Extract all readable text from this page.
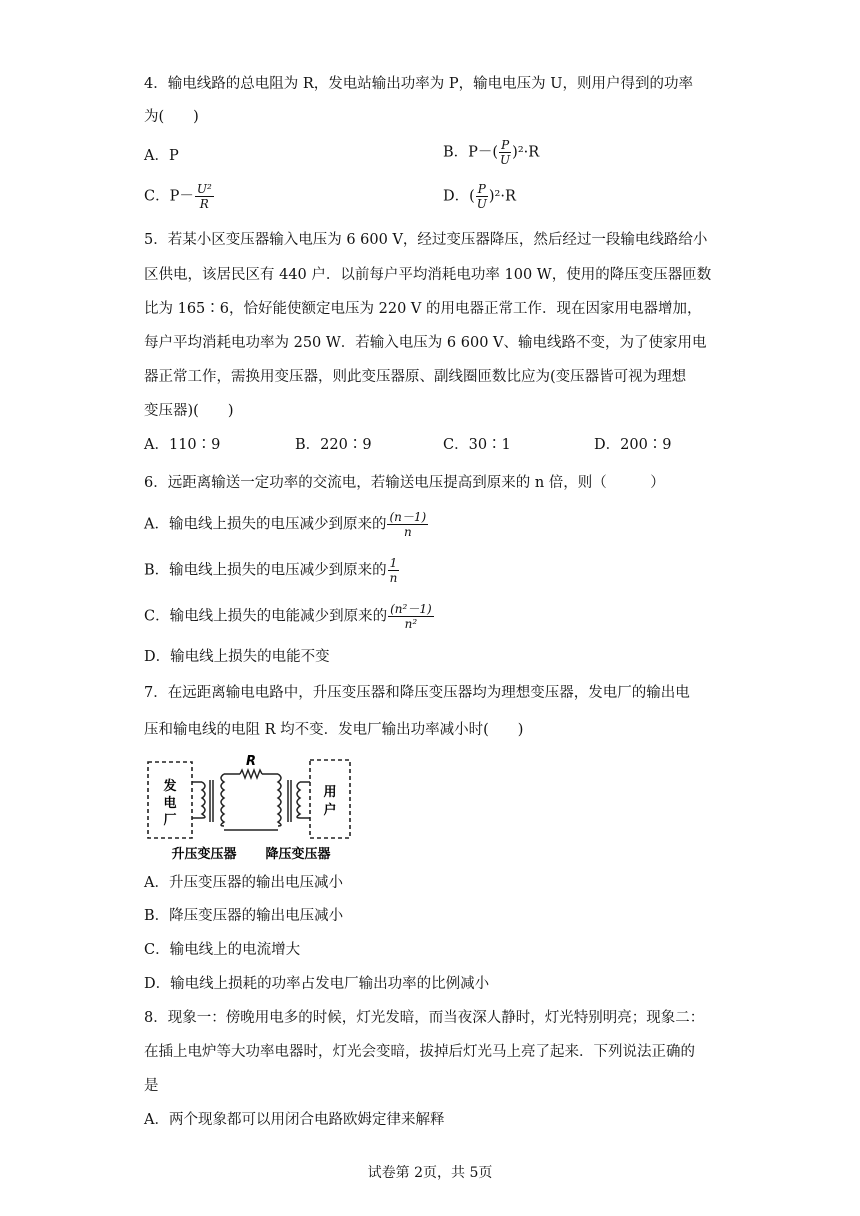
4．输电线路的总电阻为 R，发电站输出功率为 P，输电电压为 U，则用户得到的功率
为(　　)
A．P	B．$P-( \frac{P}{U} )^2\cdot R$
C．$P- \frac{\text{U²}}{R}$	D．( $\frac{P}{U} )^2\cdot R$
5．若某小区变压器输入电压为 6 600 V，经过变压器降压，然后经过一段输电线路给小
区供电，该居民区有 440 户．以前每户平均消耗电功率 100 W，使用的降压变压器匝数
比为 165∶6，恰好能使额定电压为 220 V 的用电器正常工作．现在因家用电器增加，
每户平均消耗电功率为 250 W．若输入电压为 6 600 V、输电线路不变，为了使家用电
器正常工作，需换用变压器，则此变压器原、副线圈匝数比应为(变压器皆可视为理想
变压器)(　　)
A．110∶9	B．220∶9	C．30∶1	D．200∶9
6．远距离输送一定功率的交流电，若输送电压提高到原来的 n 倍，则（　　　）
A．输电线上损失的电压减少到原来的 $\frac{(n-1)}{n}$
B．输电线上损失的电压减少到原来的 $\frac{1}{n}$
C．输电线上损失的电能减少到原来的 $\frac{\text{(n²－1)}}{\text{n²}}$
D．输电线上损失的电能不变
7．在远距离输电电路中，升压变压器和降压变压器均为理想变压器，发电厂的输出电
压和输电线的电阻 R 均不变．发电厂输出功率减小时(　　)
发
电
厂
R
用
户
升压变压器 降压变压器
A．升压变压器的输出电压减小
B．降压变压器的输出电压减小
C．输电线上的电流增大
D．输电线上损耗的功率占发电厂输出功率的比例减小
8．现象一：傍晚用电多的时候，灯光发暗，而当夜深人静时，灯光特别明亮；现象二：
在插上电炉等大功率电器时，灯光会变暗，拔掉后灯光马上亮了起来．下列说法正确的
是
A．两个现象都可以用闭合电路欧姆定律来解释
试卷第 2页，共 5页
